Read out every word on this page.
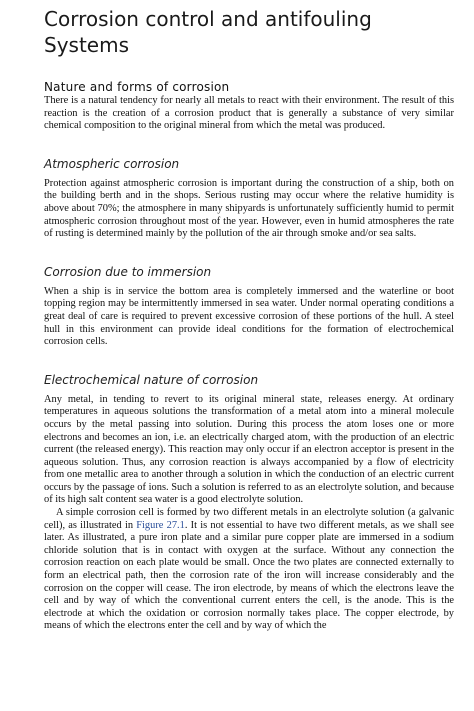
Corrosion control and antifouling Systems
Nature and forms of corrosion

There is a natural tendency for nearly all metals to react with their environment. The result of this reaction is the creation of a corrosion product that is generally a substance of very similar chemical composition to the original mineral from which the metal was produced.

Atmospheric corrosion

Protection against atmospheric corrosion is important during the construction of a ship, both on the building berth and in the shops. Serious rusting may occur where the relative humidity is above about 70%; the atmosphere in many shipyards is unfortunately sufficiently humid to permit atmospheric corrosion throughout most of the year. However, even in humid atmospheres the rate of rusting is determined mainly by the pollution of the air through smoke and/or sea salts.

Corrosion due to immersion

When a ship is in service the bottom area is completely immersed and the waterline or boot topping region may be intermittently immersed in sea water. Under normal operating conditions a great deal of care is required to prevent excessive corrosion of these portions of the hull. A steel hull in this environment can provide ideal conditions for the formation of electrochemical corrosion cells.

Electrochemical nature of corrosion

Any metal, in tending to revert to its original mineral state, releases energy. At ordinary temperatures in aqueous solutions the transformation of a metal atom into a mineral molecule occurs by the metal passing into solution. During this process the atom loses one or more electrons and becomes an ion, i.e. an electrically charged atom, with the production of an electric current (the released energy). This reaction may only occur if an electron acceptor is present in the aqueous solution. Thus, any corrosion reaction is always accompanied by a flow of electricity from one metallic area to another through a solution in which the conduction of an electric current occurs by the passage of ions. Such a solution is referred to as an electrolyte solution, and because of its high salt content sea water is a good electrolyte solution.

A simple corrosion cell is formed by two different metals in an electrolyte solution (a galvanic cell), as illustrated in Figure 27.1. It is not essential to have two different metals, as we shall see later. As illustrated, a pure iron plate and a similar pure copper plate are immersed in a sodium chloride solution that is in contact with oxygen at the surface. Without any connection the corrosion reaction on each plate would be small. Once the two plates are connected externally to form an electrical path, then the corrosion rate of the iron will increase considerably and the corrosion on the copper will cease. The iron electrode, by means of which the electrons leave the cell and by way of which the conventional current enters the cell, is the anode. This is the electrode at which the oxidation or corrosion normally takes place. The copper electrode, by means of which the electrons enter the cell and by way of which the
